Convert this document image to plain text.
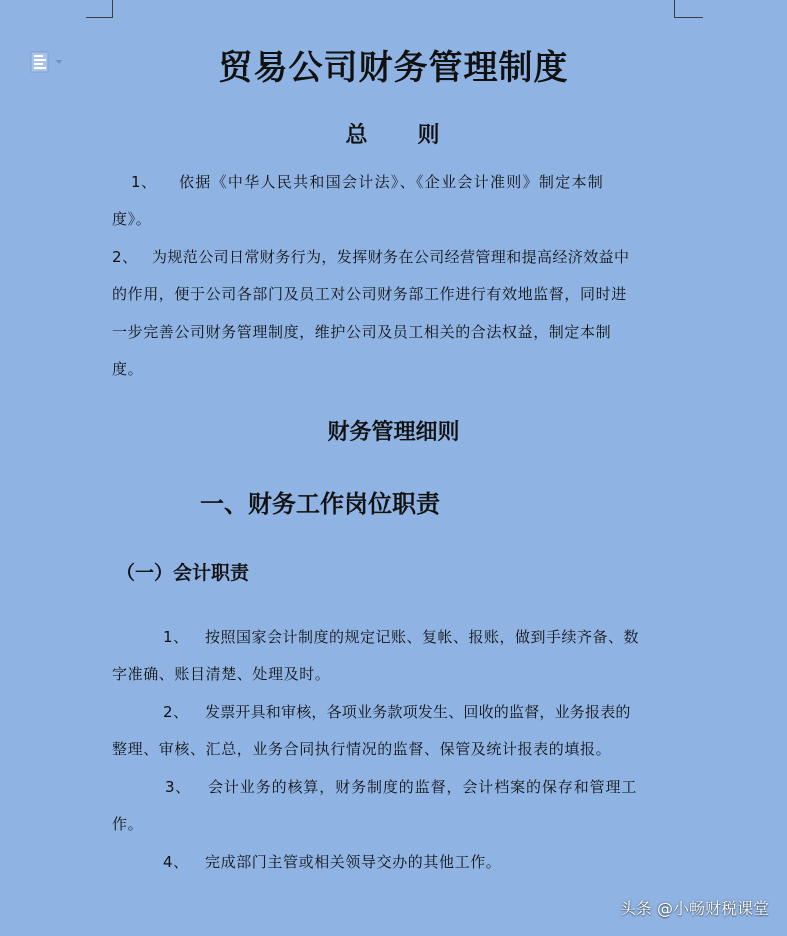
贸易公司财务管理制度
总 则
1、 依据《中华人民共和国会计法》、《企业会计准则》制定本制
度》。
2、 为规范公司日常财务行为，发挥财务在公司经营管理和提高经济效益中
的作用，便于公司各部门及员工对公司财务部工作进行有效地监督，同时进
一步完善公司财务管理制度，维护公司及员工相关的合法权益，制定本制
度。
财务管理细则
一、财务工作岗位职责
（一）会计职责
1、 按照国家会计制度的规定记账、复帐、报账，做到手续齐备、数
字准确、账目清楚、处理及时。
2、 发票开具和审核，各项业务款项发生、回收的监督，业务报表的
整理、审核、汇总，业务合同执行情况的监督、保管及统计报表的填报。
3、 会计业务的核算，财务制度的监督，会计档案的保存和管理工
作。
4、 完成部门主管或相关领导交办的其他工作。
头条 @小畅财税课堂
